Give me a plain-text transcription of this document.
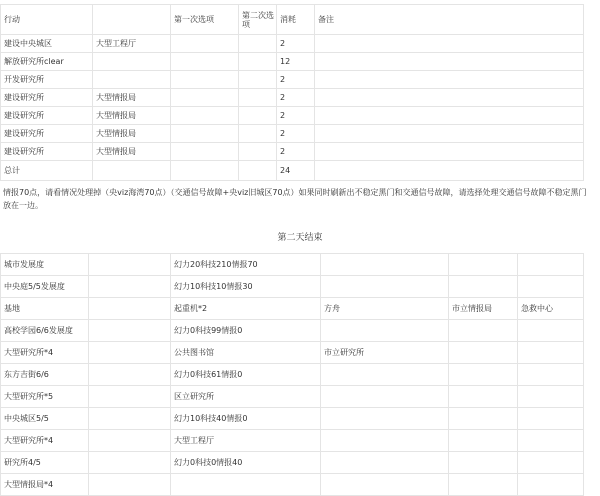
行动		第一次选项	第二次选项	消耗	备注
建设中央城区	大型工程厅			2	
解放研究所clear				12	
开发研究所				2	
建设研究所	大型情报局			2	
建设研究所	大型情报局			2	
建设研究所	大型情报局			2	
建设研究所	大型情报局			2	
总计				24	
情报70点，请看情况处理掉（央viz海湾70点）（交通信号故障+央viz旧城区70点）如果同时刷新出不稳定黑门和交通信号故障，请选择处理交通信号故障不稳定黑门放在一边。
第二天结束
城市发展度		幻力20科技210情报70			
中央庭5/5发展度		幻力10科技10情报30			
基地		起重机*2	方舟	市立情报局	急救中心
高校学园6/6发展度		幻力0科技99情报0			
大型研究所*4		公共图书馆	市立研究所		
东方吉街6/6		幻力0科技61情报0			
大型研究所*5		区立研究所			
中央城区5/5		幻力10科技40情报0			
大型研究所*4		大型工程厅			
研究所4/5		幻力0科技0情报40			
大型情报局*4					
